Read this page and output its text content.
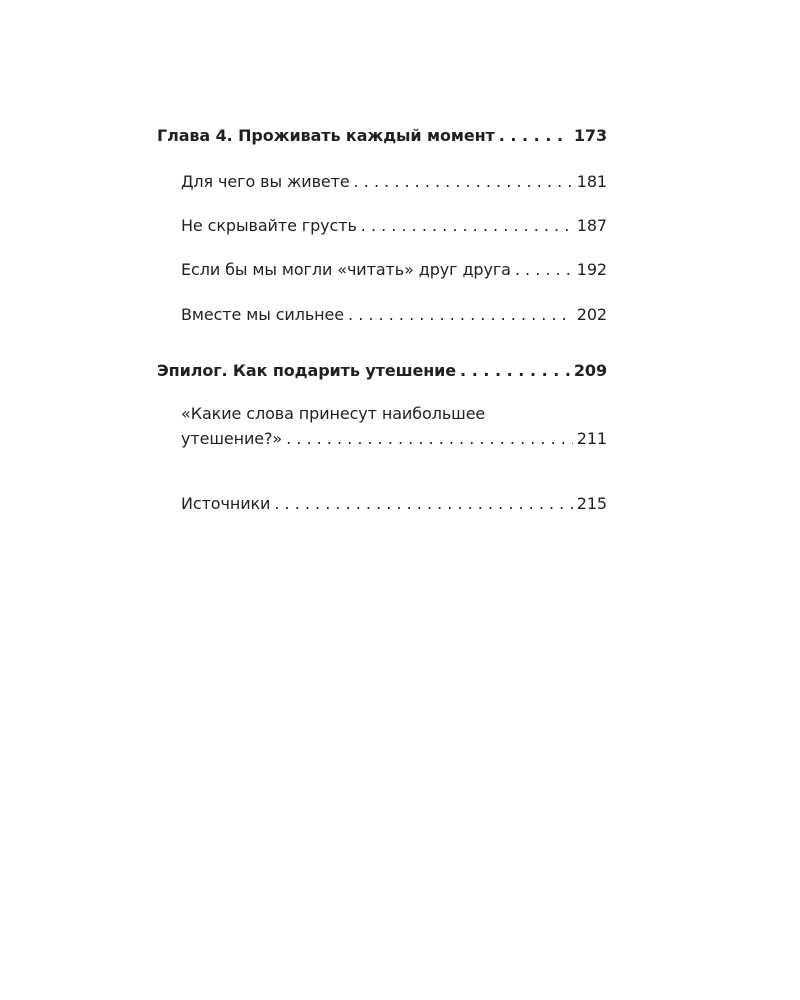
Глава 4. Проживать каждый момент . . .	173
Для чего вы живете . . .	181
Не скрывайте грусть . . .	187
Если бы мы могли «читать» друг друга . . .	192
Вместе мы сильнее . . .	202
Эпилог. Как подарить утешение . . .	209
«Какие слова принесут наибольшее
утешение?» . . .	211
Источники . . .	215
